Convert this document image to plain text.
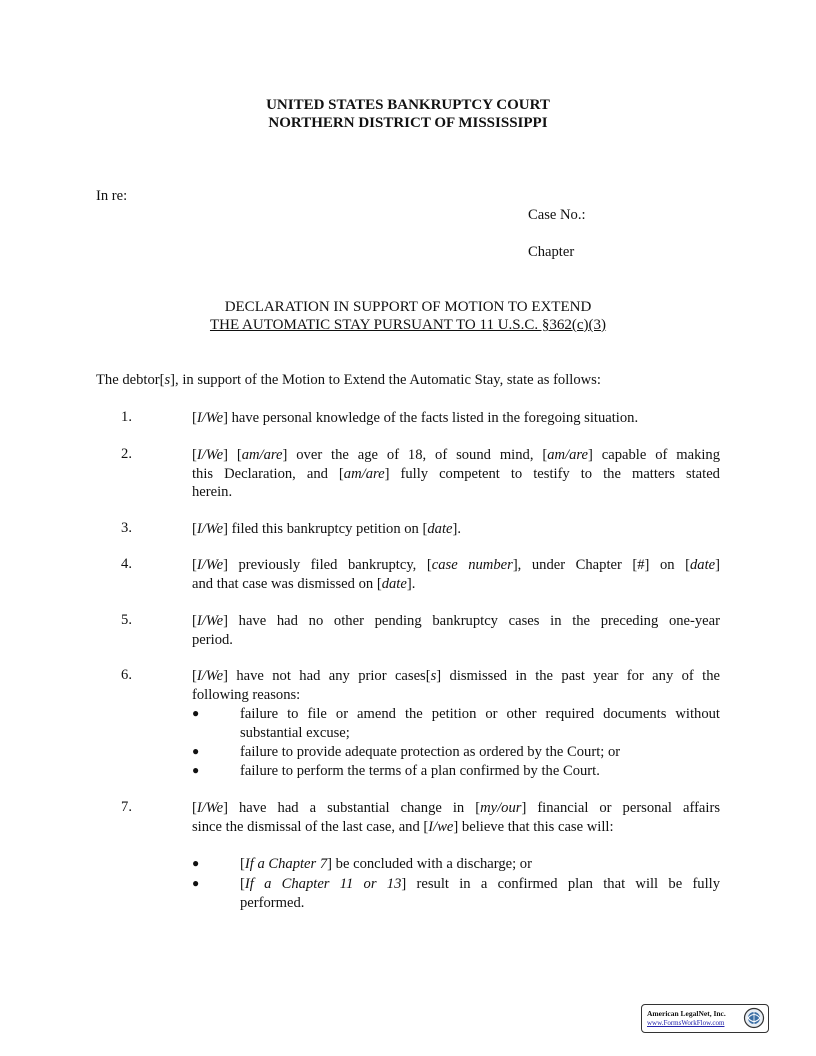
UNITED STATES BANKRUPTCY COURT
NORTHERN DISTRICT OF MISSISSIPPI
In re:
Case No.:
Chapter
DECLARATION IN SUPPORT OF MOTION TO EXTEND
THE AUTOMATIC STAY PURSUANT TO 11 U.S.C. §362(c)(3)
The debtor[s], in support of the Motion to Extend the Automatic Stay, state as follows:
1.	[I/We] have personal knowledge of the facts listed in the foregoing situation.
2.	[I/We] [am/are] over the age of 18, of sound mind, [am/are] capable of making
this Declaration, and [am/are] fully competent to testify to the matters stated
herein.
3.	[I/We] filed this bankruptcy petition on [date].
4.	[I/We] previously filed bankruptcy, [case number], under Chapter [#] on [date]
and that case was dismissed on [date].
5.	[I/We] have had no other pending bankruptcy cases in the preceding one-year
period.
6.	[I/We] have not had any prior cases[s] dismissed in the past year for any of the
following reasons:
●	failure to file or amend the petition or other required documents without
substantial excuse;
●	failure to provide adequate protection as ordered by the Court; or
●	failure to perform the terms of a plan confirmed by the Court.
7.	[I/We] have had a substantial change in [my/our] financial or personal affairs
since the dismissal of the last case, and [I/we] believe that this case will:
●	[If a Chapter 7] be concluded with a discharge; or
●	[If a Chapter 11 or 13] result in a confirmed plan that will be fully
performed.
American LegalNet, Inc.
www.FormsWorkFlow.com
